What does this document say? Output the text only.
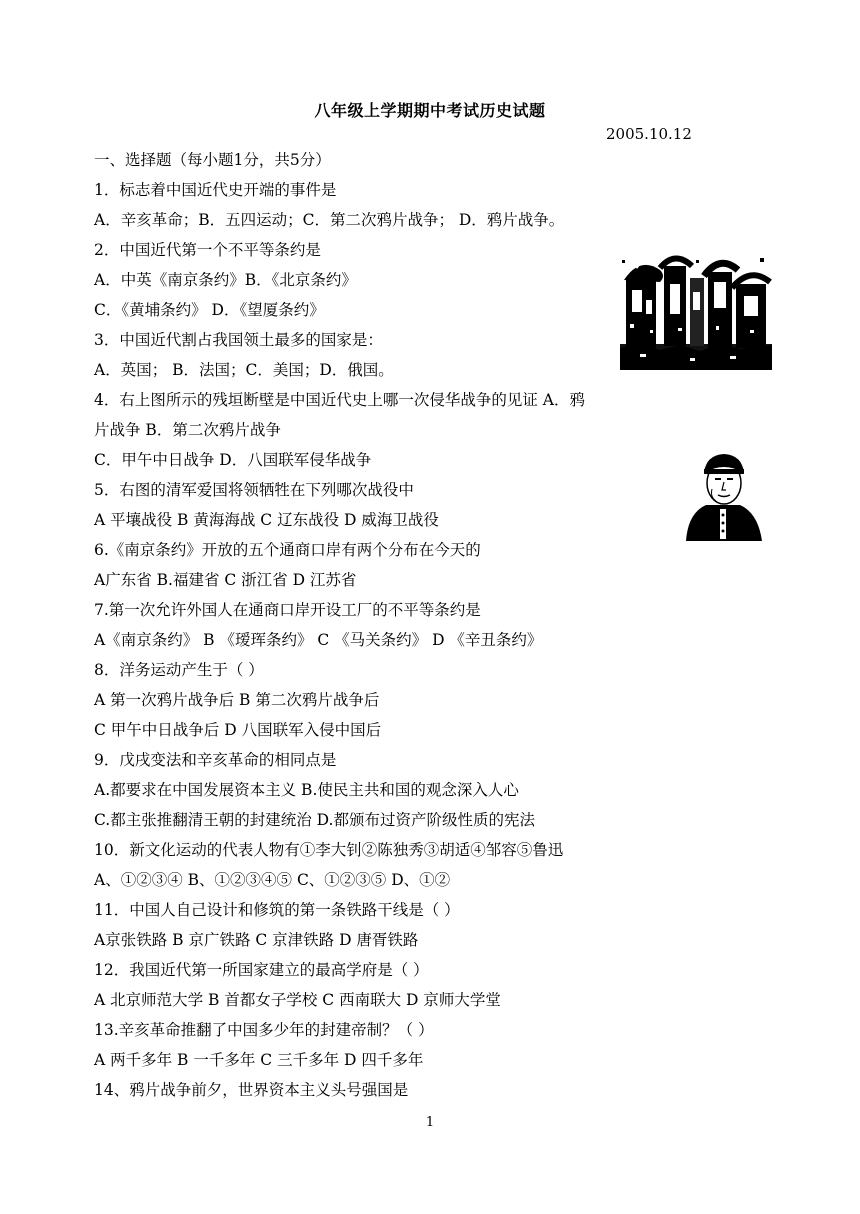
八年级上学期期中考试历史试题
2005.10.12
一、选择题（每小题1分，共5分）
1．标志着中国近代史开端的事件是
A．辛亥革命；B．五四运动；C．第二次鸦片战争； D．鸦片战争。
2．中国近代第一个不平等条约是
A．中英《南京条约》B．《北京条约》
C．《黄埔条约》 D．《望厦条约》
3．中国近代割占我国领土最多的国家是：
A．英国； B．法国；C．美国；D．俄国。
4．右上图所示的残垣断壁是中国近代史上哪一次侵华战争的见证 A．鸦
片战争 B．第二次鸦片战争
C．甲午中日战争 D．八国联军侵华战争
5．右图的清军爱国将领牺牲在下列哪次战役中
A 平壤战役 B 黄海海战 C 辽东战役 D 威海卫战役
6.《南京条约》开放的五个通商口岸有两个分布在今天的
A广东省 B.福建省 C 浙江省 D 江苏省
7.第一次允许外国人在通商口岸开设工厂的不平等条约是
A《南京条约》 B 《瑷珲条约》 C 《马关条约》 D 《辛丑条约》
8．洋务运动产生于（ ）
A 第一次鸦片战争后 B 第二次鸦片战争后
C 甲午中日战争后 D 八国联军入侵中国后
9．戊戌变法和辛亥革命的相同点是
A.都要求在中国发展资本主义 B.使民主共和国的观念深入人心
C.都主张推翻清王朝的封建统治 D.都颁布过资产阶级性质的宪法
10．新文化运动的代表人物有①李大钊②陈独秀③胡适④邹容⑤鲁迅
A、①②③④ B、①②③④⑤ C、①②③⑤ D、①②
11．中国人自己设计和修筑的第一条铁路干线是（ ）
A京张铁路 B 京广铁路 C 京津铁路 D 唐胥铁路
12．我国近代第一所国家建立的最高学府是（ ）
A 北京师范大学 B 首都女子学校 C 西南联大 D 京师大学堂
13.辛亥革命推翻了中国多少年的封建帝制？（ ）
A 两千多年 B 一千多年 C 三千多年 D 四千多年
14、鸦片战争前夕，世界资本主义头号强国是
1
